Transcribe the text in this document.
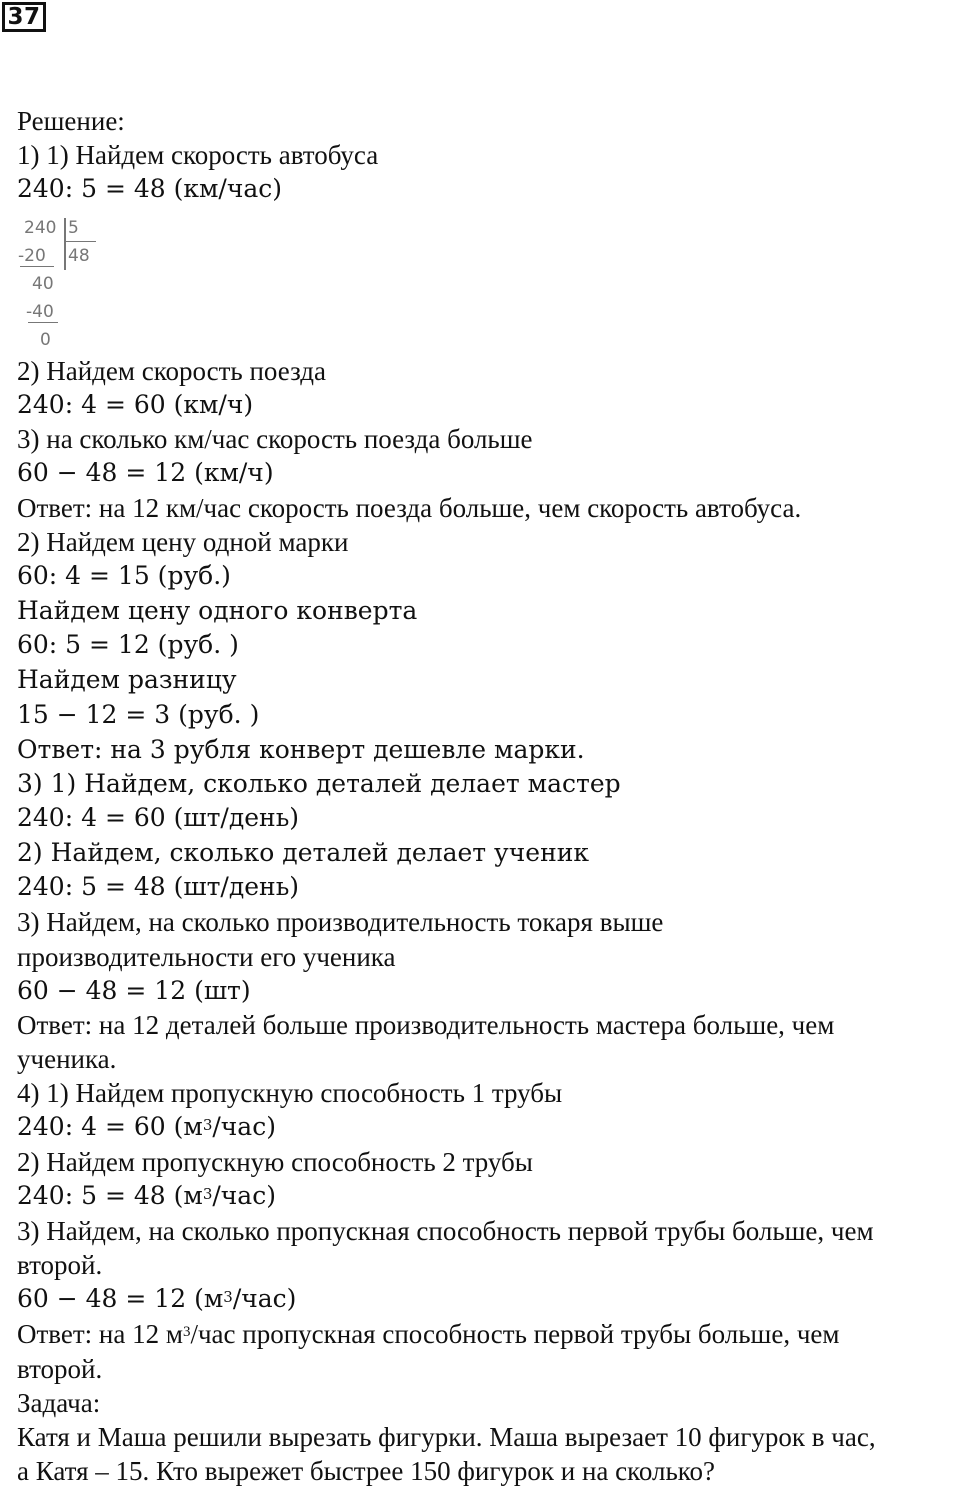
37
240 5
48
-20
40
-40
0
Решение:
1) 1) Найдем скорость автобуса
240: 5 = 48 (км/час)
2) Найдем скорость поезда
240: 4 = 60 (км/ч)
3) на сколько км/час скорость поезда больше
60 − 48 = 12 (км/ч)
Ответ: на 12 км/час скорость поезда больше, чем скорость автобуса.
2) Найдем цену одной марки
60: 4 = 15 (руб.)
Найдем цену одного конверта
60: 5 = 12 (руб. )
Найдем разницу
15 − 12 = 3 (руб. )
Ответ: на 3 рубля конверт дешевле марки.
3) 1) Найдем, сколько деталей делает мастер
240: 4 = 60 (шт/день)
2) Найдем, сколько деталей делает ученик
240: 5 = 48 (шт/день)
3) Найдем, на сколько производительность токаря выше
производительности его ученика
60 − 48 = 12 (шт)
Ответ: на 12 деталей больше производительность мастера больше, чем
ученика.
4) 1) Найдем пропускную способность 1 трубы
240: 4 = 60 $(м^3/час)$
2) Найдем пропускную способность 2 трубы
240: 5 = 48 $(м^3/час)$
3) Найдем, на сколько пропускная способность первой трубы больше, чем
второй.
60 − 48 = 12 $(м^3/час)$
Ответ: на 12 $м^3$/час пропускная способность первой трубы больше, чем
второй.
Задача:
Катя и Маша решили вырезать фигурки. Маша вырезает 10 фигурок в час,
а Катя – 15. Кто вырежет быстрее 150 фигурок и на сколько?
